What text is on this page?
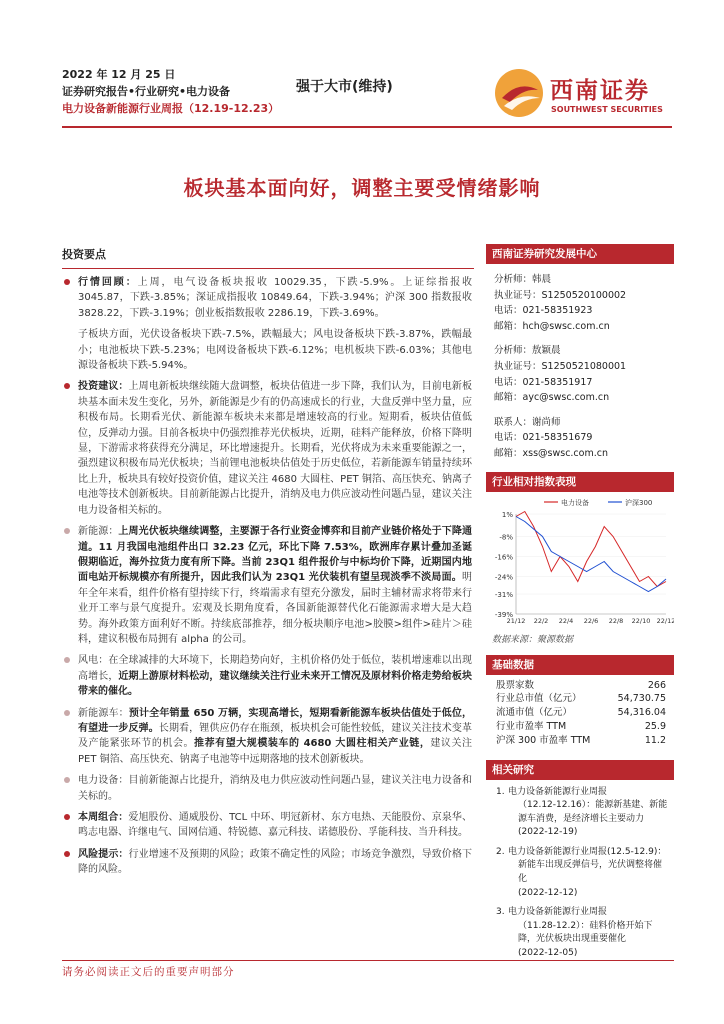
2022 年 12 月 25 日
证券研究报告•行业研究•电力设备
电力设备新能源行业周报（12.19-12.23）
强于大市(维持)	西南证券
SOUTHWEST SECURITIES
板块基本面向好，调整主要受情绪影响
投资要点
行情回顾：上周，电气设备板块报收 10029.35，下跌-5.9%。上证综指报收 3045.87，下跌-3.85%；深证成指报收 10849.64，下跌-3.94%；沪深 300 指数报收 3828.22，下跌-3.19%；创业板指数报收 2286.19，下跌-3.69%。
子板块方面，光伏设备板块下跌-7.5%，跌幅最大；风电设备板块下跌-3.87%，跌幅最小；电池板块下跌-5.23%；电网设备板块下跌-6.12%；电机板块下跌-6.03%；其他电源设备板块下跌-5.94%。
投资建议：上周电新板块继续随大盘调整，板块估值进一步下降，我们认为，目前电新板块基本面未发生变化，另外，新能源是少有的仍高速成长的行业，大盘反弹中坚力量，应积极布局。长期看光伏、新能源车板块未来都是增速较高的行业。短期看，板块估值低位，反弹动力强。目前各板块中仍强烈推荐光伏板块，近期，硅料产能释放，价格下降明显，下游需求将获得充分满足，环比增速提升。长期看，光伏将成为未来重要能源之一，强烈建议积极布局光伏板块；当前锂电池板块估值处于历史低位，若新能源车销量持续环比上升，板块具有较好投资价值，建议关注 4680 大圆柱、PET 铜箔、高压快充、钠离子电池等技术创新板块。目前新能源占比提升，消纳及电力供应波动性问题凸显，建议关注电力设备相关标的。
新能源：上周光伏板块继续调整，主要源于各行业资金博弈和目前产业链价格处于下降通道。11 月我国电池组件出口 32.23 亿元，环比下降 7.53%，欧洲库存累计叠加圣诞假期临近，海外拉货力度有所下降。当前 23Q1 组件报价与中标均价下降，近期国内地面电站开标规模亦有所提升，因此我们认为 23Q1 光伏装机有望呈现淡季不淡局面。明年全年来看，组件价格有望持续下行，终端需求有望充分激发，届时主辅材需求将带来行业开工率与景气度提升。宏观及长期角度看，各国新能源替代化石能源需求增大是大趋势。海外政策方面利好不断。持续底部推荐，细分板块顺序电池>胶膜>组件>硅片＞硅料，建议积极布局拥有 alpha 的公司。
风电：在全球减排的大环境下，长期趋势向好，主机价格仍处于低位，装机增速难以出现高增长，近期上游原材料松动，建议继续关注行业未来开工情况及原材料价格走势给板块带来的催化。
新能源车：预计全年销量 650 万辆，实现高增长，短期看新能源车板块估值处于低位，有望进一步反弹。长期看，锂供应仍存在瓶颈，板块机会可能性较低，建议关注技术变革及产能紧张环节的机会。推荐有望大规模装车的 4680 大圆柱相关产业链，建议关注 PET 铜箔、高压快充、钠离子电池等中远期落地的技术创新板块。
电力设备：目前新能源占比提升，消纳及电力供应波动性问题凸显，建议关注电力设备和关标的。
本周组合：爱旭股份、通威股份、TCL 中环、明冠新材、东方电热、天能股份、京泉华、鸣志电器、许继电气、国网信通、特锐德、嘉元科技、诺德股份、孚能科技、当升科技。
风险提示：行业增速不及预期的风险；政策不确定性的风险；市场竞争激烈，导致价格下降的风险。
西南证券研究发展中心
分析师：韩晨
执业证号：S1250520100002
电话：021-58351923
邮箱：hch@swsc.com.cn
分析师：敖颖晨
执业证号：S1250521080001
电话：021-58351917
邮箱：ayc@swsc.com.cn
联系人：谢尚师
电话：021-58351679
邮箱：xss@swsc.com.cn
行业相对指数表现
1%
-8%
-16%
-24%
-31%
-39%
21/12 22/2 22/4 22/6 22/8 22/10 22/12
电力设备	沪深300
数据来源：聚源数据
基础数据
股票家数	266
行业总市值（亿元）	54,730.75
流通市值（亿元）	54,316.04
行业市盈率 TTM	25.9
沪深 300 市盈率 TTM	11.2
相关研究
1. 电力设备新能源行业周报
（12.12-12.16）：能源新基建、新能源车消费，是经济增长主要动力
(2022-12-19)
2. 电力设备新能源行业周报(12.5-12.9)：
新能车出现反弹信号，光伏调整将催化
(2022-12-12)
3. 电力设备新能源行业周报
（11.28-12.2）：硅料价格开始下降，光伏板块出现重要催化
(2022-12-05)
请务必阅读正文后的重要声明部分
